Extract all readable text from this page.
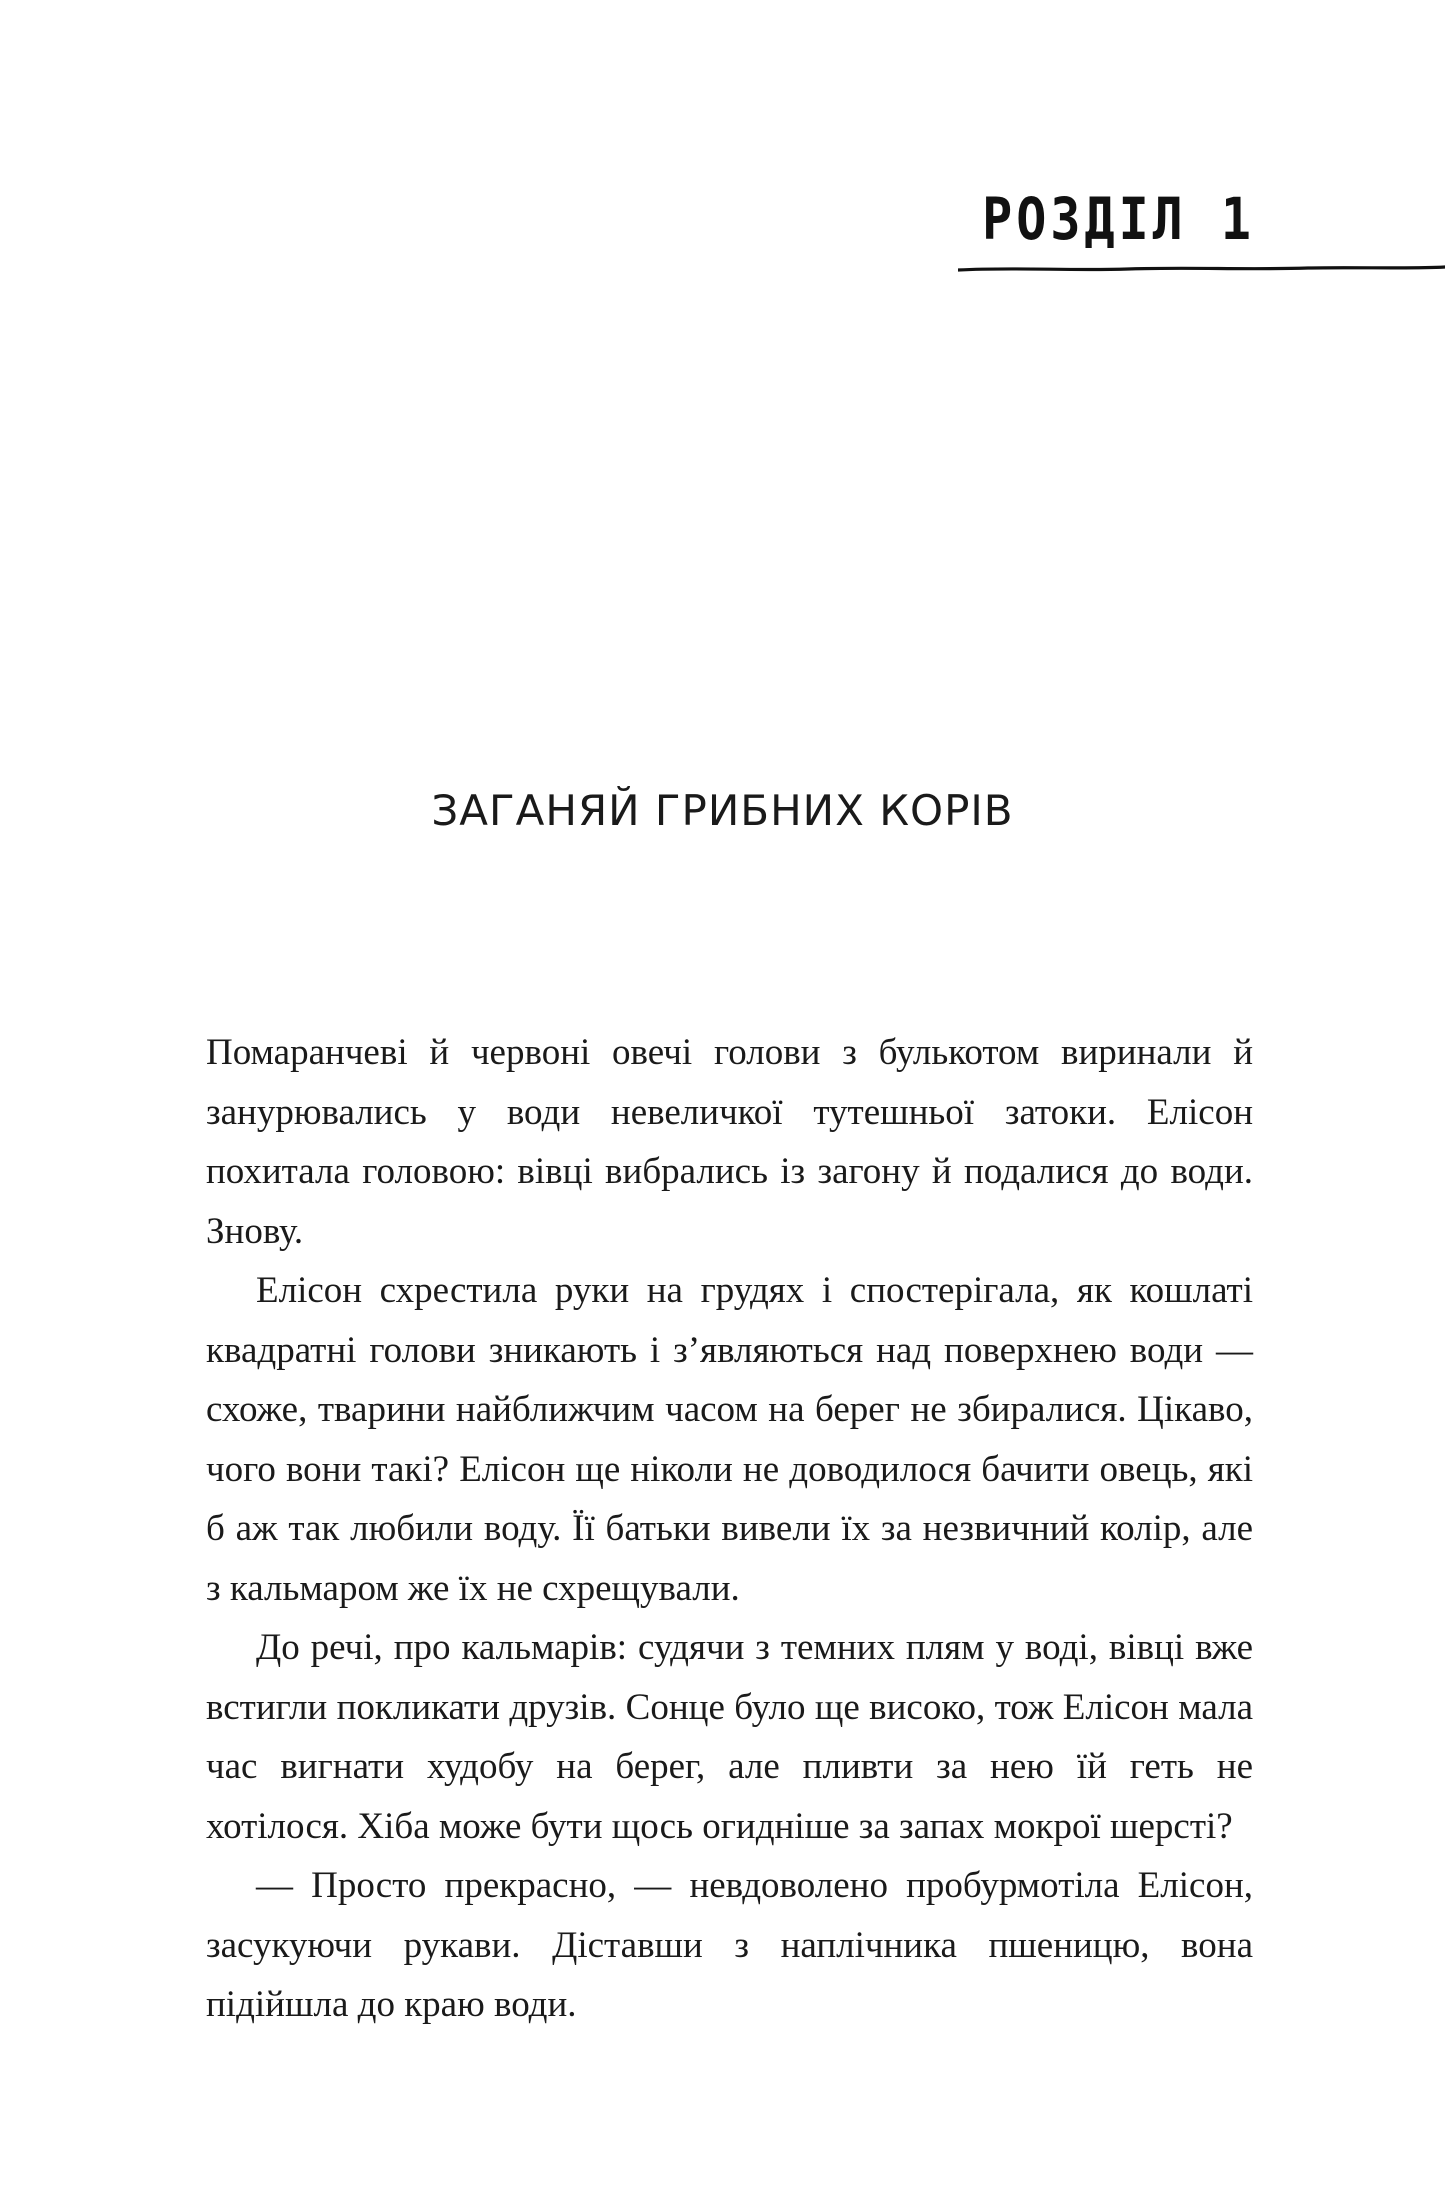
РОЗДІЛ 1
ЗАГАНЯЙ ГРИБНИХ КОРІВ

Помаранчеві й червоні овечі голови з булькотом виринали й занурювались у води невеличкої тутешньої затоки. Елісон похитала головою: вівці вибрались із загону й подалися до води. Знову.

Елісон схрестила руки на грудях і спостерігала, як кошлаті квадратні голови зникають і з’являються над поверхнею води — схоже, тварини найближчим часом на берег не збиралися. Цікаво, чого вони такі? Елісон ще ніколи не доводилося бачити овець, які б аж так любили воду. Її батьки вивели їх за незвичний колір, але з кальмаром же їх не схрещували.

До речі, про кальмарів: судячи з темних плям у воді, вівці вже встигли покликати друзів. Сонце було ще високо, тож Елісон мала час вигнати худобу на берег, але пливти за нею їй геть не хотілося. Хіба може бути щось огидніше за запах мокрої шерсті?

— Просто прекрасно, — невдоволено пробурмотіла Елісон, засукуючи рукави. Діставши з наплічника пшеницю, вона підійшла до краю води.
